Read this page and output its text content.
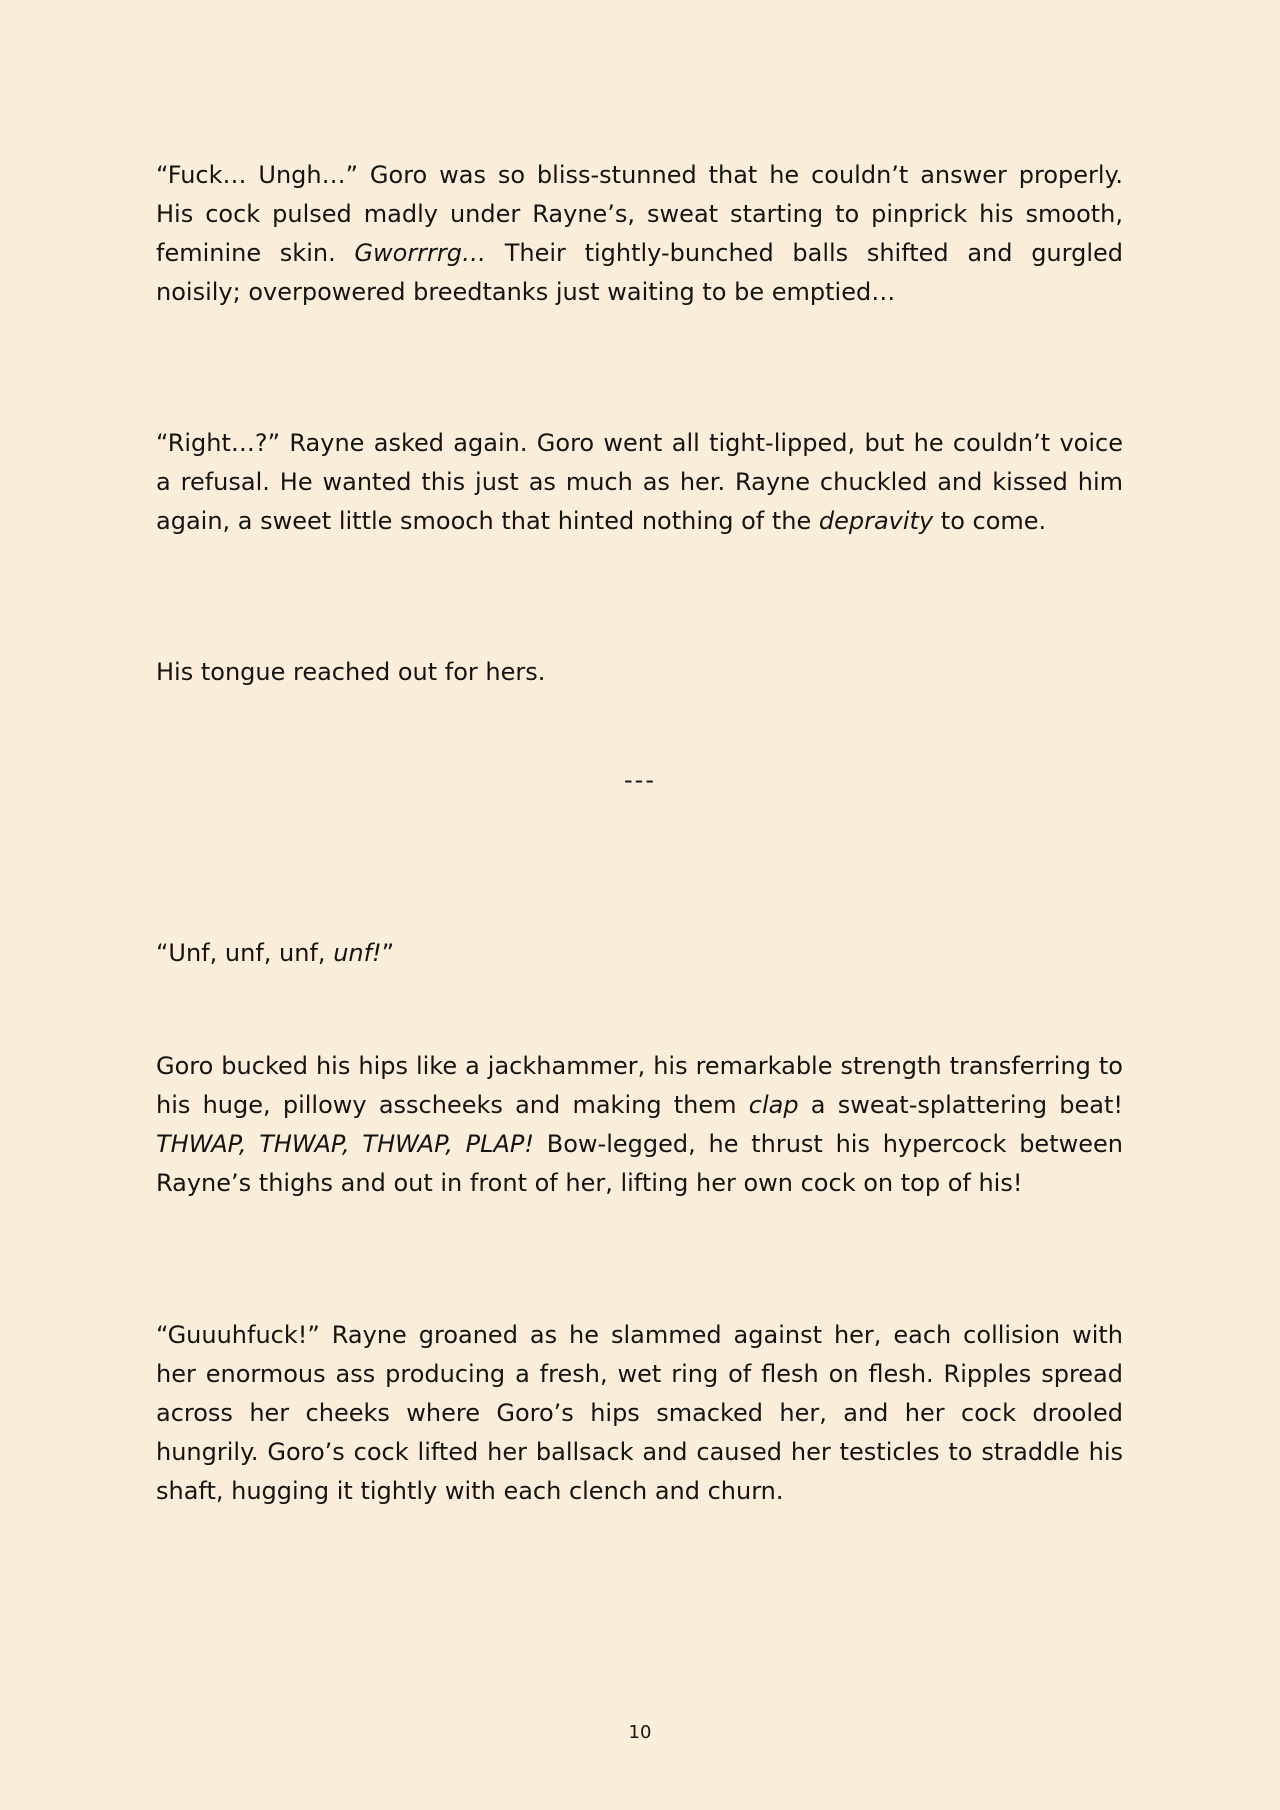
“Fuck… Ungh…” Goro was so bliss-stunned that he couldn’t answer properly. His cock pulsed madly under Rayne’s, sweat starting to pinprick his smooth, feminine skin. Gworrrrg… Their tightly-bunched balls shifted and gurgled noisily; overpowered breedtanks just waiting to be emptied…

“Right…?” Rayne asked again. Goro went all tight-lipped, but he couldn’t voice a refusal. He wanted this just as much as her. Rayne chuckled and kissed him again, a sweet little smooch that hinted nothing of the depravity to come.

His tongue reached out for hers.

---

“Unf, unf, unf, unf!”

Goro bucked his hips like a jackhammer, his remarkable strength transferring to his huge, pillowy asscheeks and making them clap a sweat-splattering beat! THWAP, THWAP, THWAP, PLAP! Bow-legged, he thrust his hypercock between Rayne’s thighs and out in front of her, lifting her own cock on top of his!

“Guuuhfuck!” Rayne groaned as he slammed against her, each collision with her enormous ass producing a fresh, wet ring of flesh on flesh. Ripples spread across her cheeks where Goro’s hips smacked her, and her cock drooled hungrily. Goro’s cock lifted her ballsack and caused her testicles to straddle his shaft, hugging it tightly with each clench and churn.

10
